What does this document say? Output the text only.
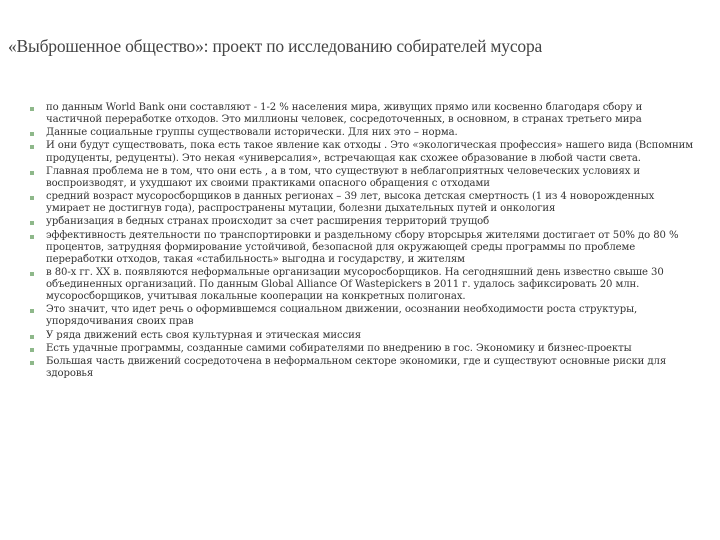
«Выброшенное общество»: проект по исследованию собирателей мусора
по данным World Bank они составляют - 1-2 % населения мира, живущих прямо или косвенно благодаря сбору и частичной переработке отходов. Это миллионы человек, сосредоточенных, в основном, в странах третьего мира
Данные социальные группы существовали исторически. Для них это – норма.
И они будут существовать, пока есть такое явление как отходы . Это «экологическая профессия» нашего вида (Вспомним продуценты, редуценты). Это некая «универсалия», встречающая как схожее образование в любой части света.
Главная проблема не в том, что они есть , а в том, что существуют в неблагоприятных человеческих условиях и воспроизводят, и ухудшают их своими практиками опасного обращения с отходами
средний возраст мусоросборщиков в данных регионах – 39 лет, высока детская смертность (1 из 4 новорожденных умирает не достигнув года), распространены мутации, болезни дыхательных путей и онкология
урбанизация в бедных странах происходит за счет расширения территорий трущоб
эффективность деятельности по транспортировки и раздельному сбору вторсырья жителями достигает от 50% до 80 % процентов, затрудняя формирование устойчивой, безопасной для окружающей среды программы по проблеме переработки отходов, такая «стабильность» выгодна и государству, и жителям
в 80-х гг. XX в. появляются неформальные организации мусоросборщиков. На сегодняшний день известно свыше 30 объединенных организаций. По данным Global Alliance Of Wastepickers в 2011 г. удалось зафиксировать 20 млн. мусоросборщиков, учитывая локальные кооперации на конкретных полигонах.
Это значит, что идет речь о оформившемся социальном движении, осознании необходимости роста структуры, упорядочивания своих прав
У ряда движений есть своя культурная и этическая миссия
Есть удачные программы, созданные самими собирателями по внедрению в гос. Экономику и бизнес-проекты
Большая часть движений сосредоточена в неформальном секторе экономики, где и существуют основные риски для здоровья
